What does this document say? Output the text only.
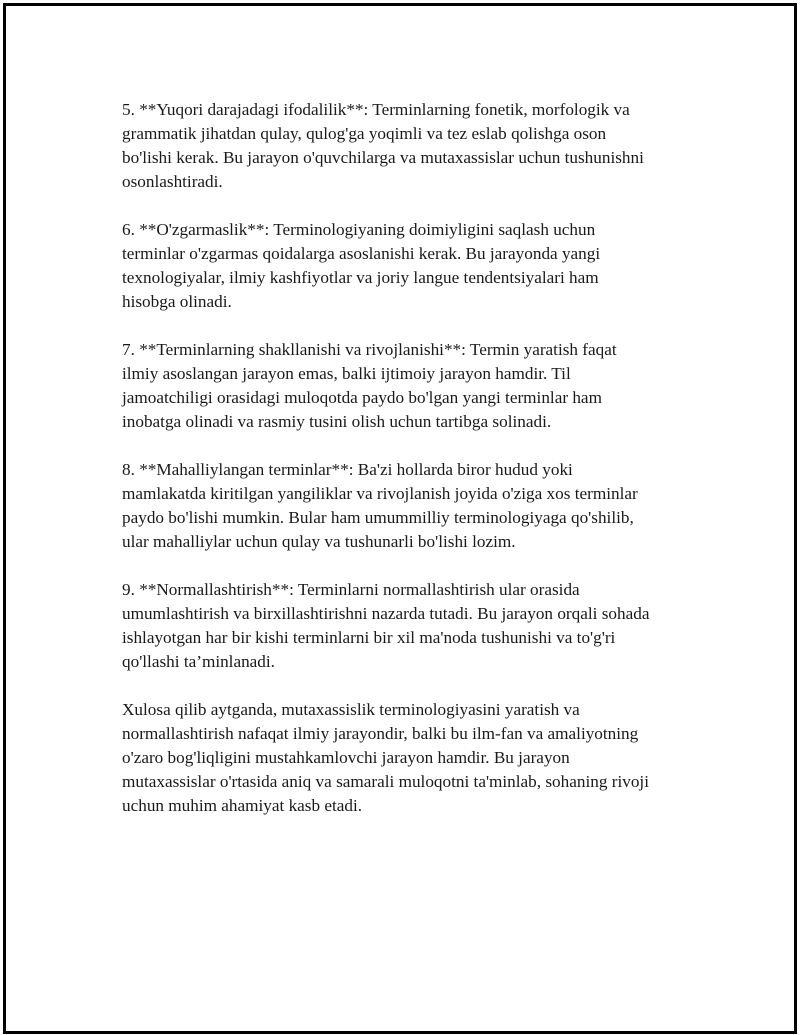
5. **Yuqori darajadagi ifodalilik**: Terminlarning fonetik, morfologik va
grammatik jihatdan qulay, qulog'ga yoqimli va tez eslab qolishga oson
bo'lishi kerak. Bu jarayon o'quvchilarga va mutaxassislar uchun tushunishni
osonlashtiradi.

6. **O'zgarmaslik**: Terminologiyaning doimiyligini saqlash uchun
terminlar o'zgarmas qoidalarga asoslanishi kerak. Bu jarayonda yangi
texnologiyalar, ilmiy kashfiyotlar va joriy langue tendentsiyalari ham
hisobga olinadi.

7. **Terminlarning shakllanishi va rivojlanishi**: Termin yaratish faqat
ilmiy asoslangan jarayon emas, balki ijtimoiy jarayon hamdir. Til
jamoatchiligi orasidagi muloqotda paydo bo'lgan yangi terminlar ham
inobatga olinadi va rasmiy tusini olish uchun tartibga solinadi.

8. **Mahalliylangan terminlar**: Ba'zi hollarda biror hudud yoki
mamlakatda kiritilgan yangiliklar va rivojlanish joyida o'ziga xos terminlar
paydo bo'lishi mumkin. Bular ham umummilliy terminologiyaga qo'shilib,
ular mahalliylar uchun qulay va tushunarli bo'lishi lozim.

9. **Normallashtirish**: Terminlarni normallashtirish ular orasida
umumlashtirish va birxillashtirishni nazarda tutadi. Bu jarayon orqali sohada
ishlayotgan har bir kishi terminlarni bir xil ma'noda tushunishi va to'g'ri
qo'llashi ta’minlanadi.

Xulosa qilib aytganda, mutaxassislik terminologiyasini yaratish va
normallashtirish nafaqat ilmiy jarayondir, balki bu ilm-fan va amaliyotning
o'zaro bog'liqligini mustahkamlovchi jarayon hamdir. Bu jarayon
mutaxassislar o'rtasida aniq va samarali muloqotni ta'minlab, sohaning rivoji
uchun muhim ahamiyat kasb etadi.
